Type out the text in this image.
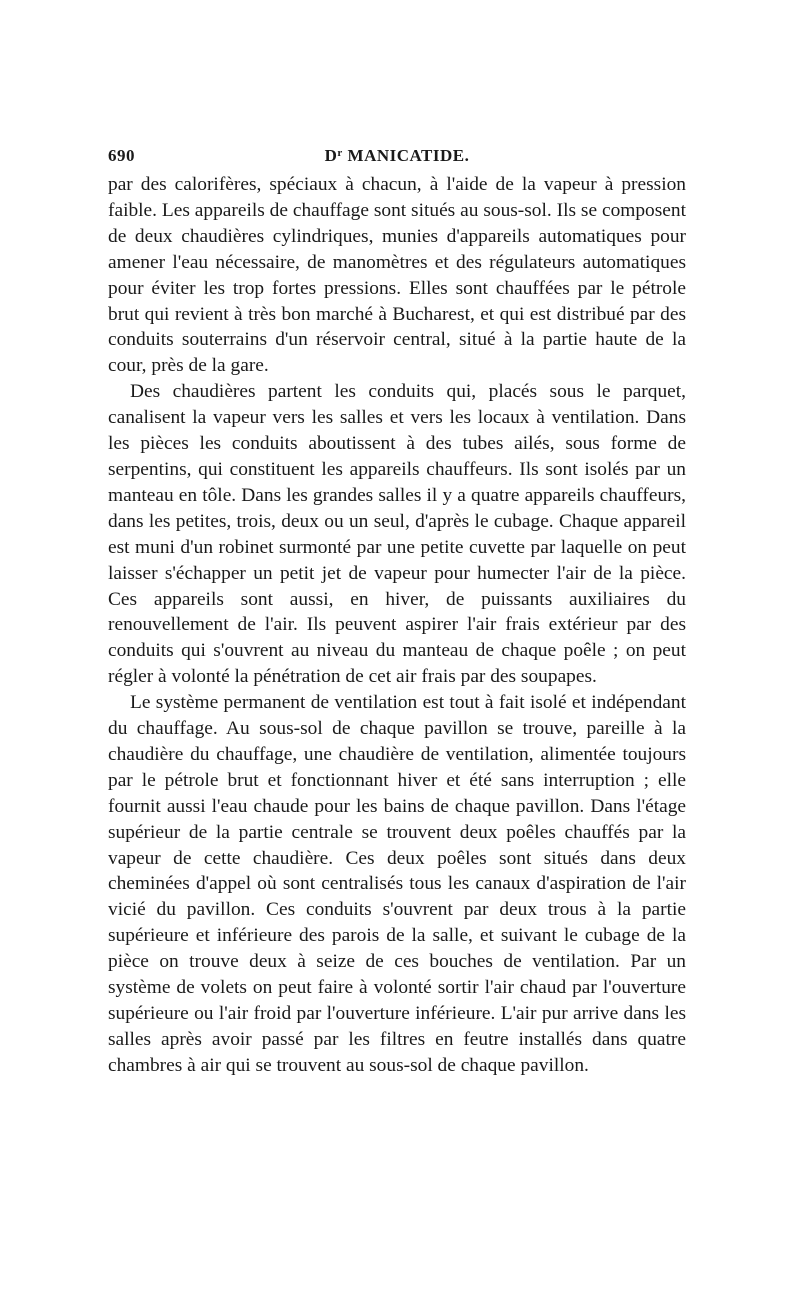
690	$D^r$ MANICATIDE.

par des calorifères, spéciaux à chacun, à l'aide de la vapeur à pression faible. Les appareils de chauffage sont situés au sous-sol. Ils se composent de deux chaudières cylindriques, munies d'appareils automatiques pour amener l'eau nécessaire, de manomètres et des régulateurs automatiques pour éviter les trop fortes pressions. Elles sont chauffées par le pétrole brut qui revient à très bon marché à Bucharest, et qui est distribué par des conduits souterrains d'un réservoir central, situé à la partie haute de la cour, près de la gare.

Des chaudières partent les conduits qui, placés sous le parquet, canalisent la vapeur vers les salles et vers les locaux à ventilation. Dans les pièces les conduits aboutissent à des tubes ailés, sous forme de serpentins, qui constituent les appareils chauffeurs. Ils sont isolés par un manteau en tôle. Dans les grandes salles il y a quatre appareils chauffeurs, dans les petites, trois, deux ou un seul, d'après le cubage. Chaque appareil est muni d'un robinet surmonté par une petite cuvette par laquelle on peut laisser s'échapper un petit jet de vapeur pour humecter l'air de la pièce. Ces appareils sont aussi, en hiver, de puissants auxiliaires du renouvellement de l'air. Ils peuvent aspirer l'air frais extérieur par des conduits qui s'ouvrent au niveau du manteau de chaque poêle ; on peut régler à volonté la pénétration de cet air frais par des soupapes.

Le système permanent de ventilation est tout à fait isolé et indépendant du chauffage. Au sous-sol de chaque pavillon se trouve, pareille à la chaudière du chauffage, une chaudière de ventilation, alimentée toujours par le pétrole brut et fonctionnant hiver et été sans interruption ; elle fournit aussi l'eau chaude pour les bains de chaque pavillon. Dans l'étage supérieur de la partie centrale se trouvent deux poêles chauffés par la vapeur de cette chaudière. Ces deux poêles sont situés dans deux cheminées d'appel où sont centralisés tous les canaux d'aspiration de l'air vicié du pavillon. Ces conduits s'ouvrent par deux trous à la partie supérieure et inférieure des parois de la salle, et suivant le cubage de la pièce on trouve deux à seize de ces bouches de ventilation. Par un système de volets on peut faire à volonté sortir l'air chaud par l'ouverture supérieure ou l'air froid par l'ouverture inférieure. L'air pur arrive dans les salles après avoir passé par les filtres en feutre installés dans quatre chambres à air qui se trouvent au sous-sol de chaque pavillon.
